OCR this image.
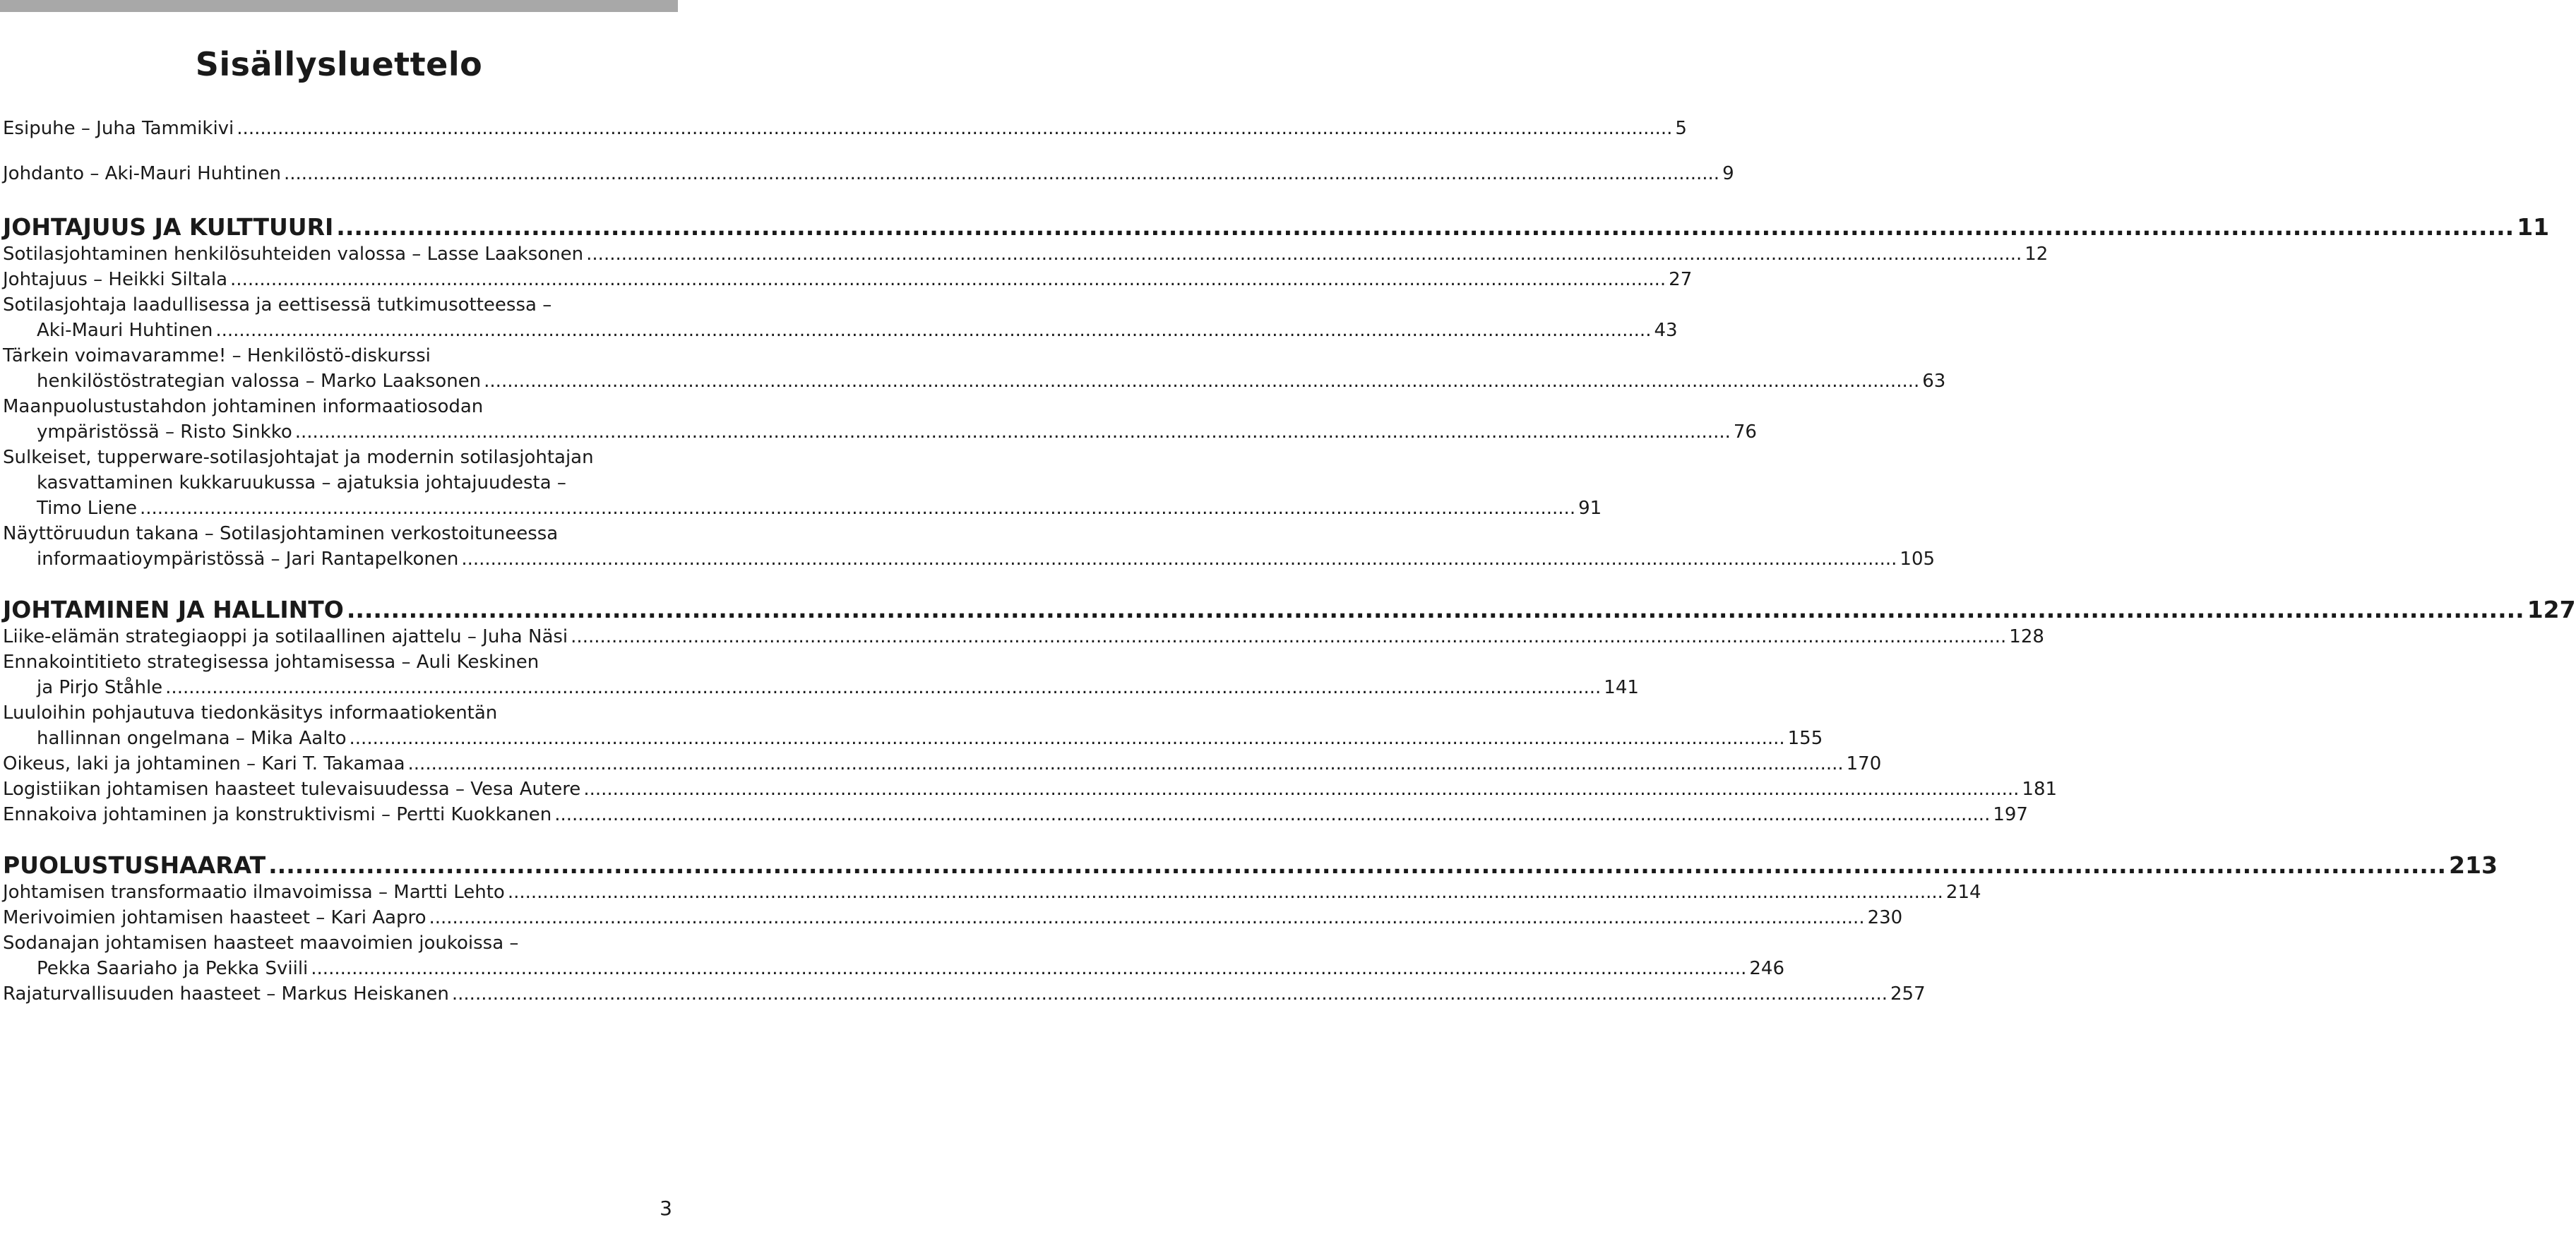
Sisällysluettelo
Esipuhe – Juha Tammikivi ...................................................................................................................................................................................................................................................... 5
Johdanto – Aki-Mauri Huhtinen ...................................................................................................................................................................................................................................................... 9
JOHTAJUUS JA KULTTUURI ...................................................................................................................................................................................................................................................... 11
Sotilasjohtaminen henkilösuhteiden valossa – Lasse Laaksonen ...................................................................................................................................................................................................................................................... 12
Johtajuus – Heikki Siltala ...................................................................................................................................................................................................................................................... 27
Sotilasjohtaja laadullisessa ja eettisessä tutkimusotteessa –
Aki-Mauri Huhtinen ...................................................................................................................................................................................................................................................... 43
Tärkein voimavaramme! – Henkilöstö-diskurssi
henkilöstöstrategian valossa – Marko Laaksonen ...................................................................................................................................................................................................................................................... 63
Maanpuolustustahdon johtaminen informaatiosodan
ympäristössä – Risto Sinkko ...................................................................................................................................................................................................................................................... 76
Sulkeiset, tupperware-sotilasjohtajat ja modernin sotilasjohtajan
kasvattaminen kukkaruukussa – ajatuksia johtajuudesta –
Timo Liene ...................................................................................................................................................................................................................................................... 91
Näyttöruudun takana – Sotilasjohtaminen verkostoituneessa
informaatioympäristössä – Jari Rantapelkonen ...................................................................................................................................................................................................................................................... 105
JOHTAMINEN JA HALLINTO ...................................................................................................................................................................................................................................................... 127
Liike-elämän strategiaoppi ja sotilaallinen ajattelu – Juha Näsi ...................................................................................................................................................................................................................................................... 128
Ennakointitieto strategisessa johtamisessa – Auli Keskinen
ja Pirjo Ståhle ...................................................................................................................................................................................................................................................... 141
Luuloihin pohjautuva tiedonkäsitys informaatiokentän
hallinnan ongelmana – Mika Aalto ...................................................................................................................................................................................................................................................... 155
Oikeus, laki ja johtaminen – Kari T. Takamaa ...................................................................................................................................................................................................................................................... 170
Logistiikan johtamisen haasteet tulevaisuudessa – Vesa Autere ...................................................................................................................................................................................................................................................... 181
Ennakoiva johtaminen ja konstruktivismi – Pertti Kuokkanen ...................................................................................................................................................................................................................................................... 197
PUOLUSTUSHAARAT ...................................................................................................................................................................................................................................................... 213
Johtamisen transformaatio ilmavoimissa – Martti Lehto ...................................................................................................................................................................................................................................................... 214
Merivoimien johtamisen haasteet – Kari Aapro ...................................................................................................................................................................................................................................................... 230
Sodanajan johtamisen haasteet maavoimien joukoissa –
Pekka Saariaho ja Pekka Sviili ...................................................................................................................................................................................................................................................... 246
Rajaturvallisuuden haasteet – Markus Heiskanen ...................................................................................................................................................................................................................................................... 257
3
